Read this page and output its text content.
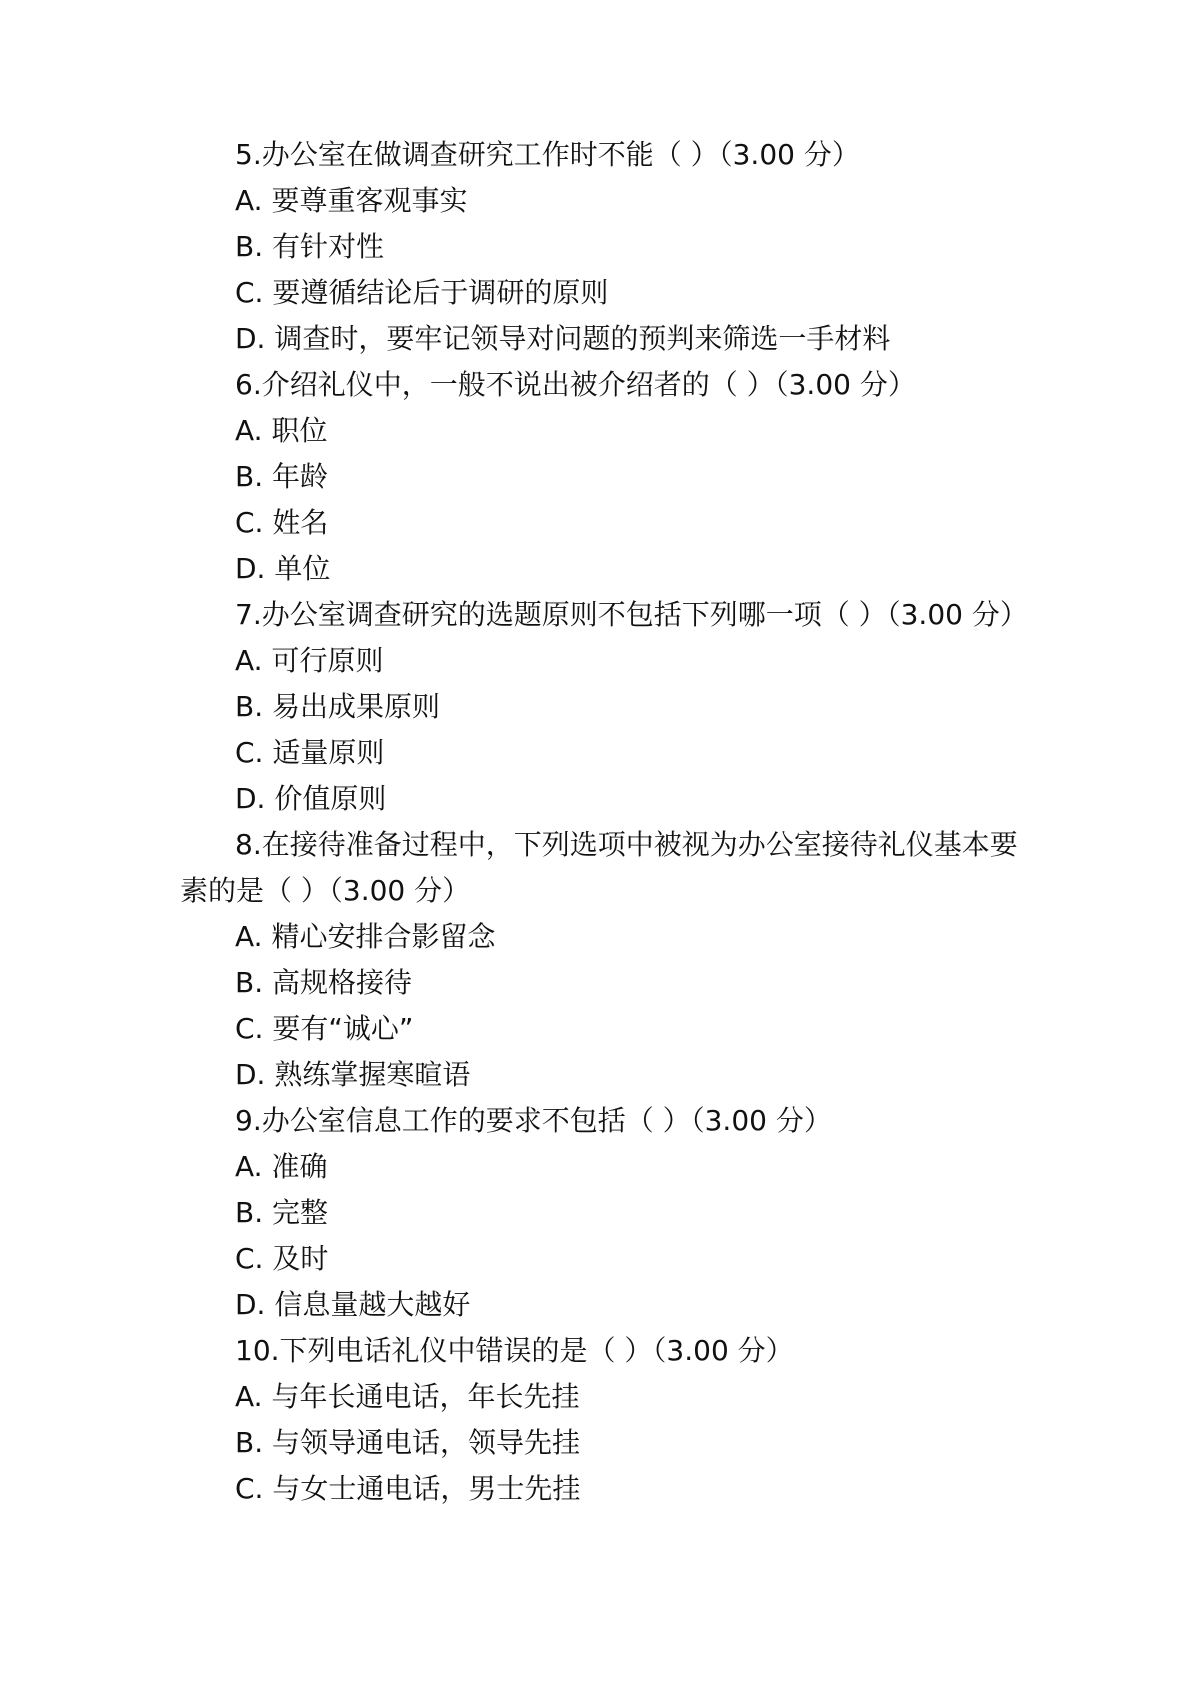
5.办公室在做调查研究工作时不能（ ）（3.00 分）
A. 要尊重客观事实
B. 有针对性
C. 要遵循结论后于调研的原则
D. 调查时，要牢记领导对问题的预判来筛选一手材料
6.介绍礼仪中，一般不说出被介绍者的（ ）（3.00 分）
A. 职位
B. 年龄
C. 姓名
D. 单位
7.办公室调查研究的选题原则不包括下列哪一项（ ）（3.00 分）
A. 可行原则
B. 易出成果原则
C. 适量原则
D. 价值原则
8.在接待准备过程中，下列选项中被视为办公室接待礼仪基本要素的是（ ）（3.00 分）
A. 精心安排合影留念
B. 高规格接待
C. 要有“诚心”
D. 熟练掌握寒暄语
9.办公室信息工作的要求不包括（ ）（3.00 分）
A. 准确
B. 完整
C. 及时
D. 信息量越大越好
10.下列电话礼仪中错误的是（ ）（3.00 分）
A. 与年长通电话，年长先挂
B. 与领导通电话，领导先挂
C. 与女士通电话，男士先挂
